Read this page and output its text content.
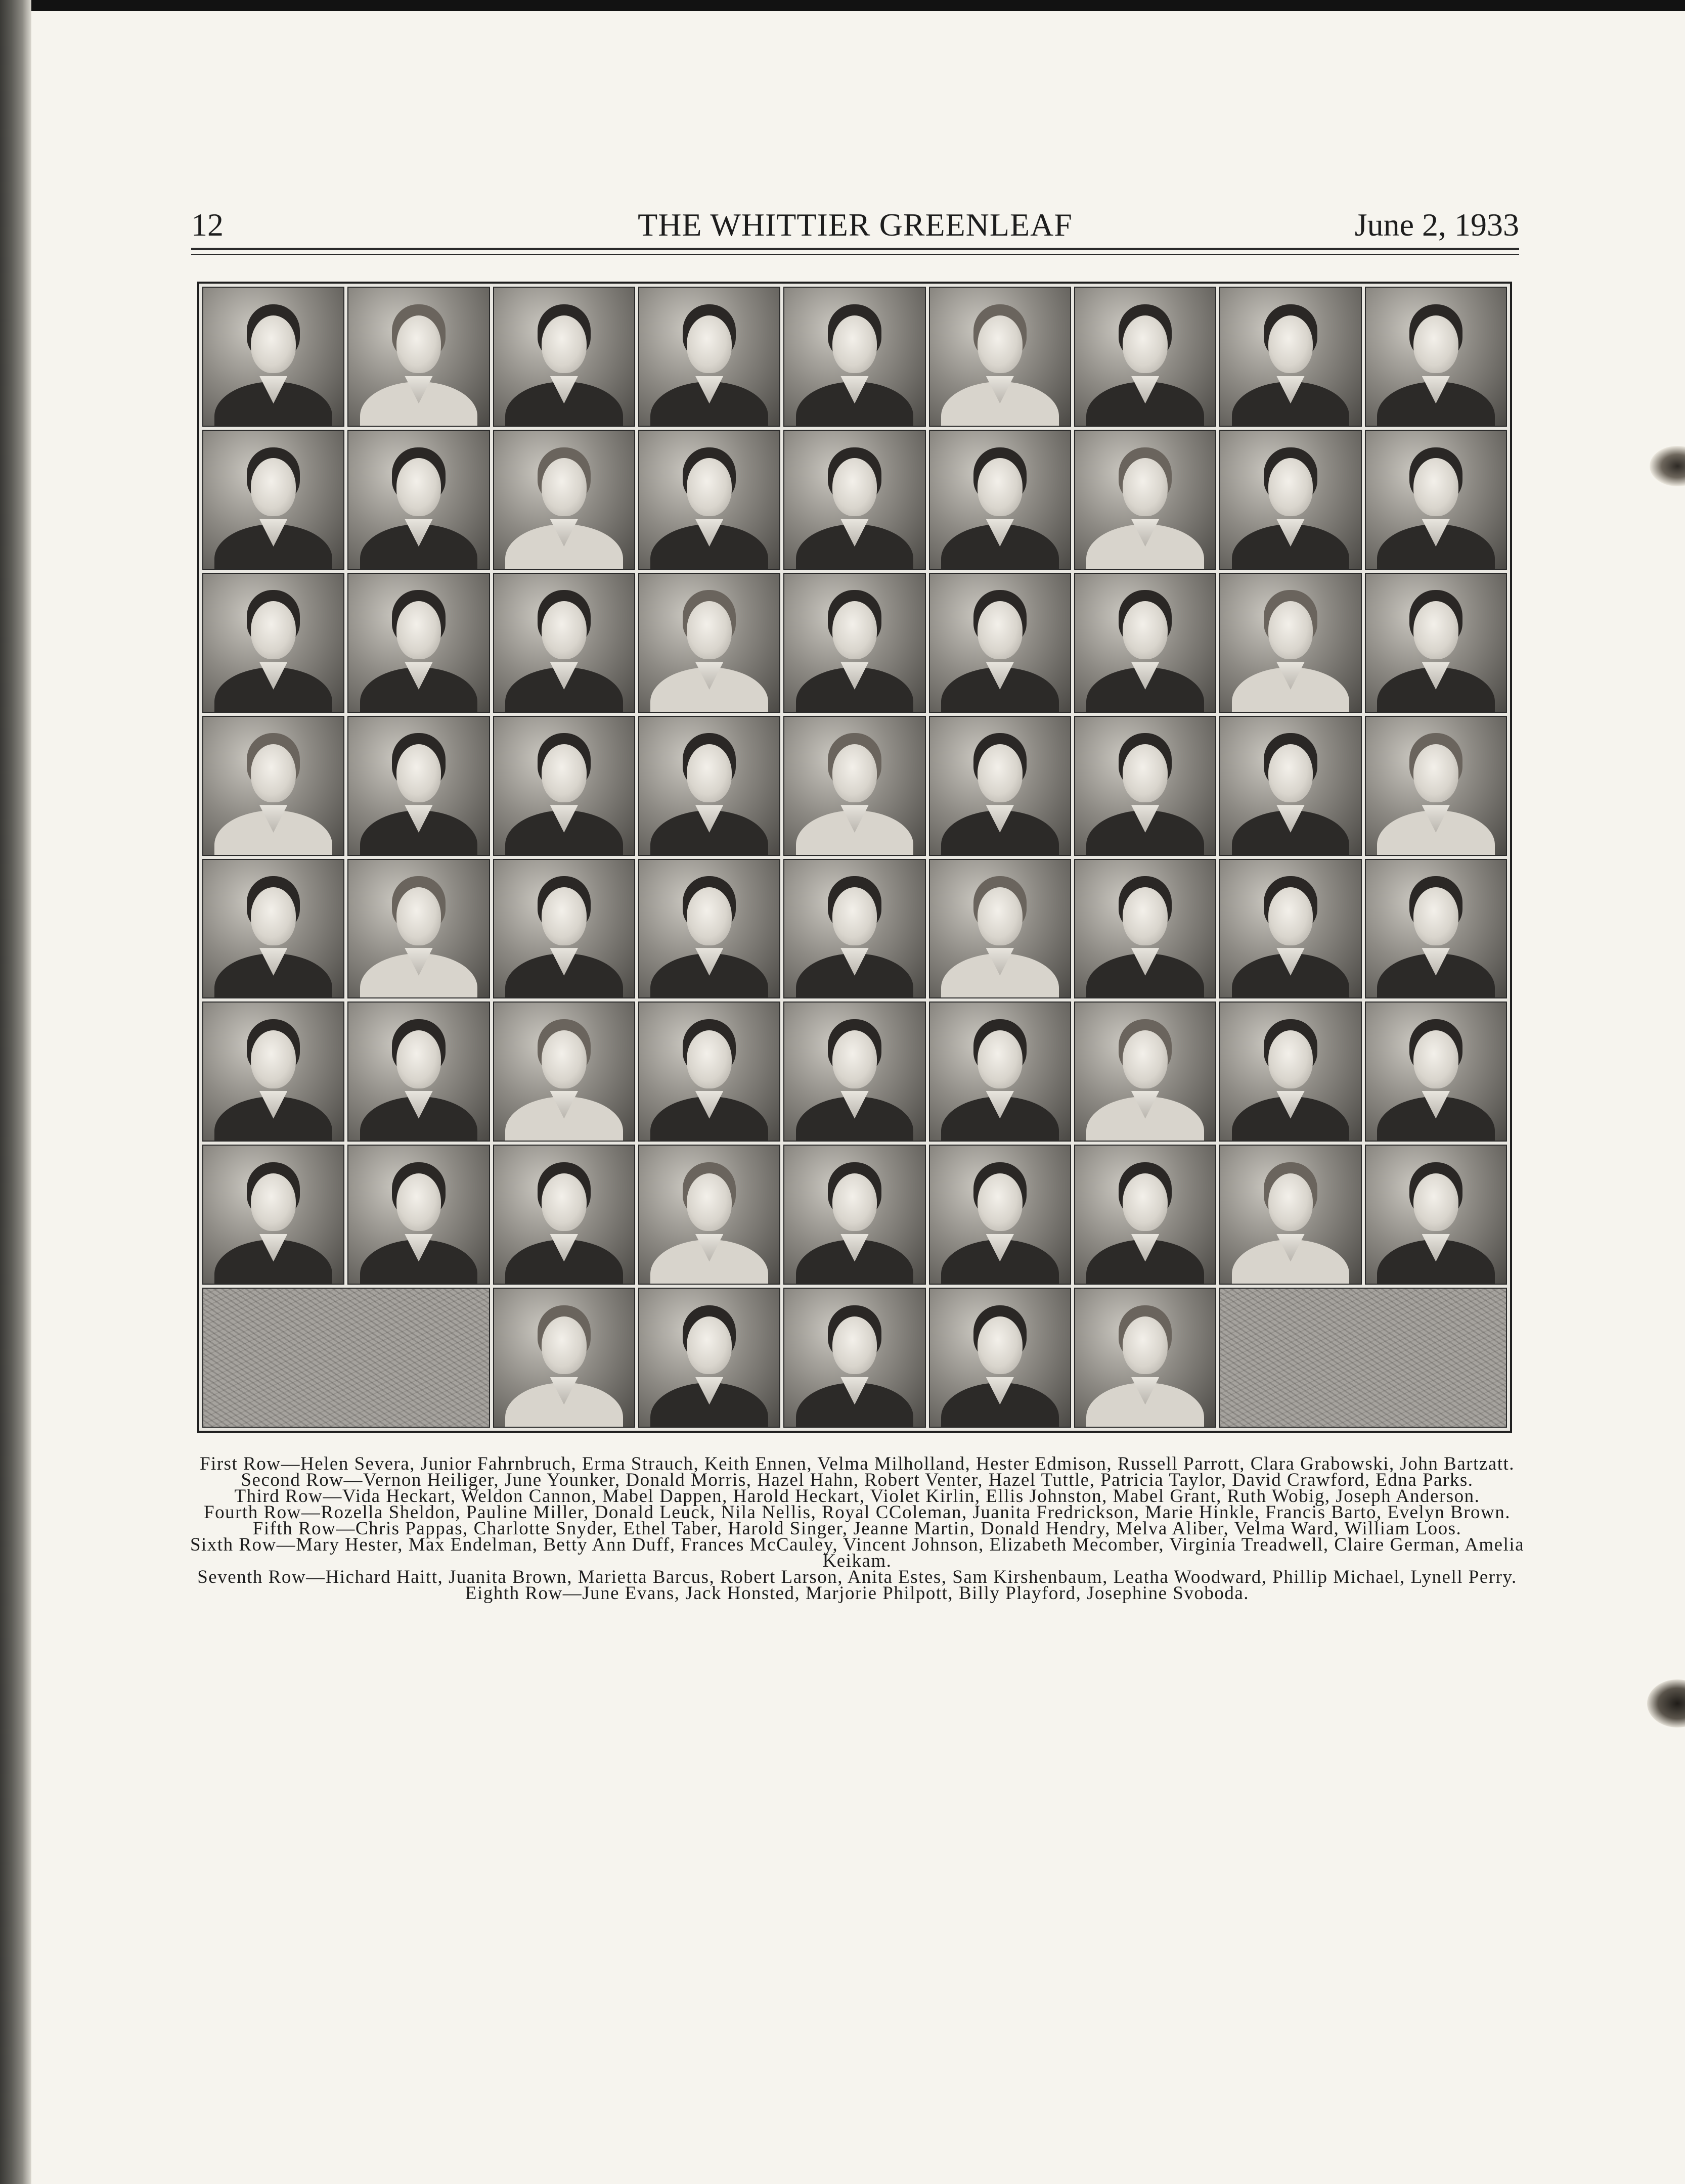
12	THE WHITTIER GREENLEAF	June 2, 1933

First Row—Helen Severa, Junior Fahrnbruch, Erma Strauch, Keith Ennen, Velma Milholland, Hester Edmison, Russell Parrott, Clara Grabowski, John Bartzatt.

Second Row—Vernon Heiliger, June Younker, Donald Morris, Hazel Hahn, Robert Venter, Hazel Tuttle, Patricia Taylor, David Crawford, Edna Parks.

Third Row—Vida Heckart, Weldon Cannon, Mabel Dappen, Harold Heckart, Violet Kirlin, Ellis Johnston, Mabel Grant, Ruth Wobig, Joseph Anderson.

Fourth Row—Rozella Sheldon, Pauline Miller, Donald Leuck, Nila Nellis, Royal CColeman, Juanita Fredrickson, Marie Hinkle, Francis Barto, Evelyn Brown.

Fifth Row—Chris Pappas, Charlotte Snyder, Ethel Taber, Harold Singer, Jeanne Martin, Donald Hendry, Melva Aliber, Velma Ward, William Loos.

Sixth Row—Mary Hester, Max Endelman, Betty Ann Duff, Frances McCauley, Vincent Johnson, Elizabeth Mecomber, Virginia Treadwell, Claire German, Amelia Keikam.

Seventh Row—Hichard Haitt, Juanita Brown, Marietta Barcus, Robert Larson, Anita Estes, Sam Kirshenbaum, Leatha Woodward, Phillip Michael, Lynell Perry.

Eighth Row—June Evans, Jack Honsted, Marjorie Philpott, Billy Playford, Josephine Svoboda.
